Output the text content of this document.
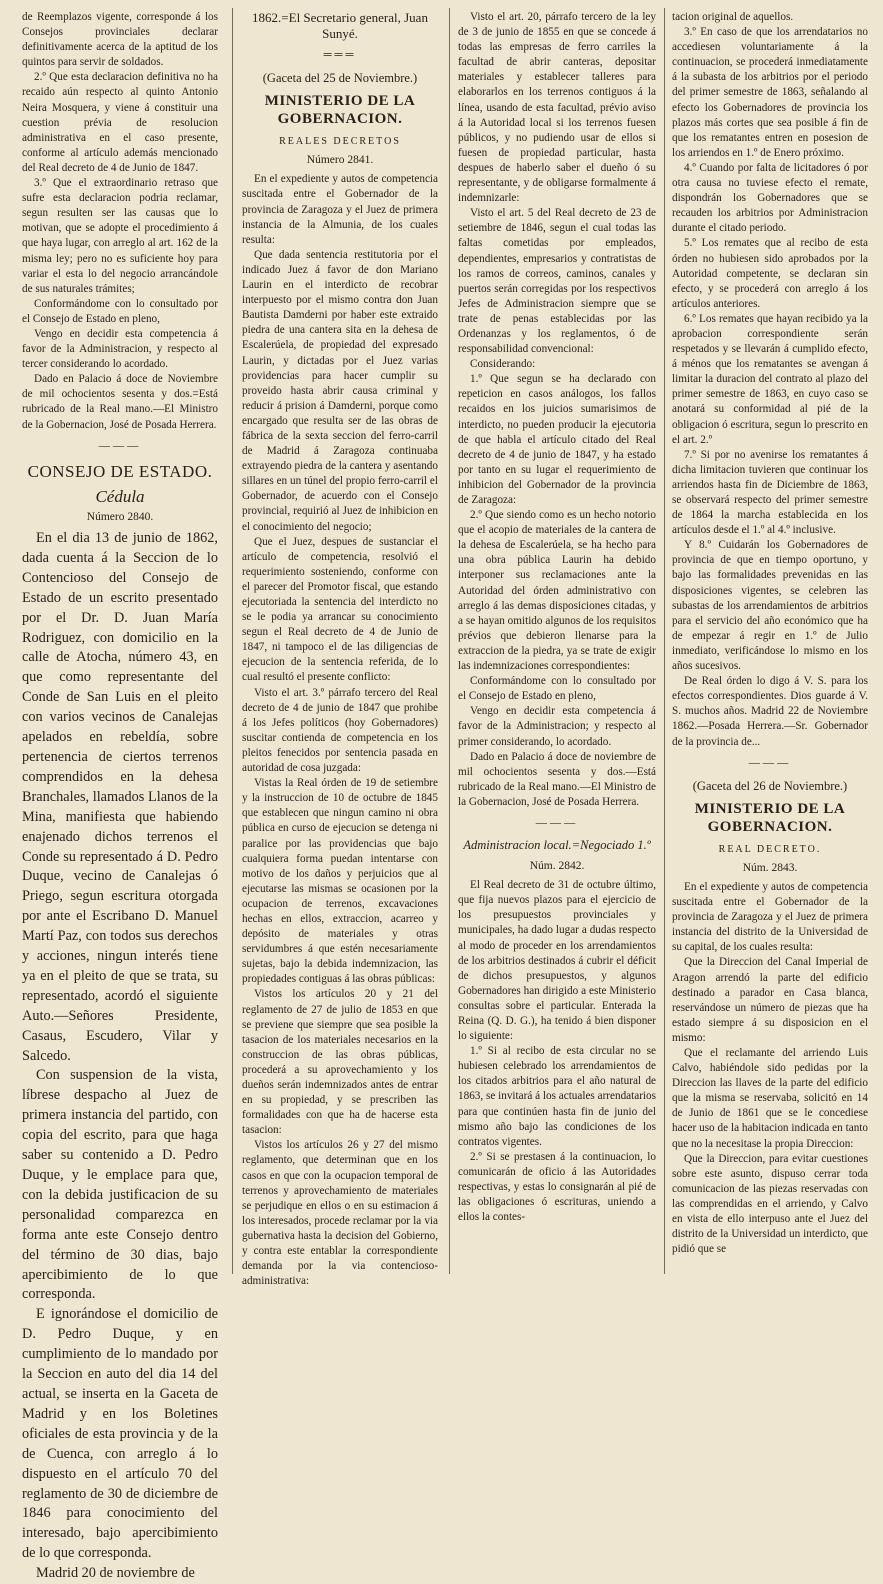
de Reemplazos vigente, corresponde á los Consejos provinciales declarar definitivamente acerca de la aptitud de los quintos para servir de soldados.

2.º Que esta declaracion definitiva no ha recaido aún respecto al quinto Antonio Neira Mosquera, y viene á constituir una cuestion prévia de resolucion administrativa en el caso presente, conforme al artículo además mencionado del Real decreto de 4 de Junio de 1847.

3.º Que el extraordinario retraso que sufre esta declaracion podria reclamar, segun resulten ser las causas que lo motivan, que se adopte el procedimiento á que haya lugar, con arreglo al art. 162 de la misma ley; pero no es suficiente hoy para variar el esta lo del negocio arrancándole de sus naturales trámites;

Conformándome con lo consultado por el Consejo de Estado en pleno,

Vengo en decidir esta competencia á favor de la Administracion, y respecto al tercer considerando lo acordado.

Dado en Palacio á doce de Noviembre de mil ochocientos sesenta y dos.=Está rubricado de la Real mano.—El Ministro de la Gobernacion, José de Posada Herrera.

———

CONSEJO DE ESTADO.

Cédula

Número 2840.

En el dia 13 de junio de 1862, dada cuenta á la Seccion de lo Contencioso del Consejo de Estado de un escrito presentado por el Dr. D. Juan María Rodriguez, con domicilio en la calle de Atocha, número 43, en que como representante del Conde de San Luis en el pleito con varios vecinos de Canalejas apelados en rebeldía, sobre pertenencia de ciertos terrenos comprendidos en la dehesa Branchales, llamados Llanos de la Mina, manifiesta que habiendo enajenado dichos terrenos el Conde su representado á D. Pedro Duque, vecino de Canalejas ó Priego, segun escritura otorgada por ante el Escribano D. Manuel Martí Paz, con todos sus derechos y acciones, ningun interés tiene ya en el pleito de que se trata, su representado, acordó el siguiente Auto.—Señores Presidente, Casaus, Escudero, Vilar y Salcedo.

Con suspension de la vista, líbrese despacho al Juez de primera instancia del partido, con copia del escrito, para que haga saber su contenido a D. Pedro Duque, y le emplace para que, con la debida justificacion de su personalidad comparezca en forma ante este Consejo dentro del término de 30 dias, bajo apercibimiento de lo que corresponda.

E ignorándose el domicilio de D. Pedro Duque, y en cumplimiento de lo mandado por la Seccion en auto del dia 14 del actual, se inserta en la Gaceta de Madrid y en los Boletines oficiales de esta provincia y de la de Cuenca, con arreglo á lo dispuesto en el artículo 70 del reglamento de 30 de diciembre de 1846 para conocimiento del interesado, bajo apercibimiento de lo que corresponda.

Madrid 20 de noviembre de

1862.=El Secretario general, Juan Sunyé.

═══

(Gaceta del 25 de Noviembre.)

MINISTERIO DE LA GOBERNACION.

REALES DECRETOS

Número 2841.

En el expediente y autos de competencia suscitada entre el Gobernador de la provincia de Zaragoza y el Juez de primera instancia de la Almunia, de los cuales resulta:

Que dada sentencia restitutoria por el indicado Juez á favor de don Mariano Laurin en el interdicto de recobrar interpuesto por el mismo contra don Juan Bautista Damderni por haber este extraido piedra de una cantera sita en la dehesa de Escalerúela, de propiedad del expresado Laurin, y dictadas por el Juez varias providencias para hacer cumplir su proveido hasta abrir causa criminal y reducir á prision á Damderni, porque como encargado que resulta ser de las obras de fábrica de la sexta seccion del ferro-carril de Madrid á Zaragoza continuaba extrayendo piedra de la cantera y asentando sillares en un túnel del propio ferro-carril el Gobernador, de acuerdo con el Consejo provincial, requirió al Juez de inhibicion en el conocimiento del negocio;

Que el Juez, despues de sustanciar el artículo de competencia, resolvió el requerimiento sosteniendo, conforme con el parecer del Promotor fiscal, que estando ejecutoriada la sentencia del interdicto no se le podia ya arrancar su conocimiento segun el Real decreto de 4 de Junio de 1847, ni tampoco el de las diligencias de ejecucion de la sentencia referida, de lo cual resultó el presente conflicto:

Visto el art. 3.º párrafo tercero del Real decreto de 4 de junio de 1847 que prohibe á los Jefes políticos (hoy Gobernadores) suscitar contienda de competencia en los pleitos fenecidos por sentencia pasada en autoridad de cosa juzgada:

Vistas la Real órden de 19 de setiembre y la instruccion de 10 de octubre de 1845 que establecen que ningun camino ni obra pública en curso de ejecucion se detenga ni paralice por las providencias que bajo cualquiera forma puedan intentarse con motivo de los daños y perjuicios que al ejecutarse las mismas se ocasionen por la ocupacion de terrenos, excavaciones hechas en ellos, extraccion, acarreo y depósito de materiales y otras servidumbres á que estén necesariamente sujetas, bajo la debida indemnizacion, las propiedades contiguas á las obras públicas:

Vistos los artículos 20 y 21 del reglamento de 27 de julio de 1853 en que se previene que siempre que sea posible la tasacion de los materiales necesarios en la construccion de las obras públicas, procederá a su aprovechamiento y los dueños serán indemnizados antes de entrar en su propiedad, y se prescriben las formalidades con que ha de hacerse esta tasacion:

Vistos los artículos 26 y 27 del mismo reglamento, que determinan que en los casos en que con la ocupacion temporal de terrenos y aprovechamiento de materiales se perjudique en ellos o en su estimacion á los interesados, procede reclamar por la via gubernativa hasta la decision del Gobierno, y contra este entablar la correspondiente demanda por la via contencioso-administrativa:

Visto el art. 20, párrafo tercero de la ley de 3 de junio de 1855 en que se concede á todas las empresas de ferro carriles la facultad de abrir canteras, depositar materiales y establecer talleres para elaborarlos en los terrenos contiguos á la línea, usando de esta facultad, prévio aviso á la Autoridad local si los terrenos fuesen públicos, y no pudiendo usar de ellos si fuesen de propiedad particular, hasta despues de haberlo saber el dueño ó su representante, y de obligarse formalmente á indemnizarle:

Visto el art. 5 del Real decreto de 23 de setiembre de 1846, segun el cual todas las faltas cometidas por empleados, dependientes, empresarios y contratistas de los ramos de correos, caminos, canales y puertos serán corregidas por los respectivos Jefes de Administracion siempre que se trate de penas establecidas por las Ordenanzas y los reglamentos, ó de responsabilidad convencional:

Considerando:

1.º Que segun se ha declarado con repeticion en casos análogos, los fallos recaidos en los juicios sumarisimos de interdicto, no pueden producir la ejecutoria de que habla el artículo citado del Real decreto de 4 de junio de 1847, y ha estado por tanto en su lugar el requerimiento de inhibicion del Gobernador de la provincia de Zaragoza:

2.º Que siendo como es un hecho notorio que el acopio de materiales de la cantera de la dehesa de Escalerúela, se ha hecho para una obra pública Laurin ha debido interponer sus reclamaciones ante la Autoridad del órden administrativo con arreglo á las demas disposiciones citadas, y a se hayan omitido algunos de los requisitos prévios que debieron llenarse para la extraccion de la piedra, ya se trate de exigir las indemnizaciones correspondientes:

Conformándome con lo consultado por el Consejo de Estado en pleno,

Vengo en decidir esta competencia á favor de la Administracion; y respecto al primer considerando, lo acordado.

Dado en Palacio á doce de noviembre de mil ochocientos sesenta y dos.—Está rubricado de la Real mano.—El Ministro de la Gobernacion, José de Posada Herrera.

———

Administracion local.=Negociado 1.º

Núm. 2842.

El Real decreto de 31 de octubre último, que fija nuevos plazos para el ejercicio de los presupuestos provinciales y municipales, ha dado lugar a dudas respecto al modo de proceder en los arrendamientos de los arbitrios destinados á cubrir el déficit de dichos presupuestos, y algunos Gobernadores han dirigido a este Ministerio consultas sobre el particular. Enterada la Reina (Q. D. G.), ha tenido á bien disponer lo siguiente:

1.º Si al recibo de esta circular no se hubiesen celebrado los arrendamientos de los citados arbitrios para el año natural de 1863, se invitará á los actuales arrendatarios para que continúen hasta fin de junio del mismo año bajo las condiciones de los contratos vigentes.

2.º Si se prestasen á la continuacion, lo comunicarán de oficio á las Autoridades respectivas, y estas lo consignarán al pié de las obligaciones ó escrituras, uniendo a ellos la contes-

tacion original de aquellos.

3.º En caso de que los arrendatarios no accediesen voluntariamente á la continuacion, se procederá inmediatamente á la subasta de los arbitrios por el periodo del primer semestre de 1863, señalando al efecto los Gobernadores de provincia los plazos más cortes que sea posible á fin de que los rematantes entren en posesion de los arriendos en 1.º de Enero próximo.

4.º Cuando por falta de licitadores ó por otra causa no tuviese efecto el remate, dispondrán los Gobernadores que se recauden los arbitrios por Administracion durante el citado periodo.

5.º Los remates que al recibo de esta órden no hubiesen sido aprobados por la Autoridad competente, se declaran sin efecto, y se procederá con arreglo á los artículos anteriores.

6.º Los remates que hayan recibido ya la aprobacion correspondiente serán respetados y se llevarán á cumplido efecto, á ménos que los rematantes se avengan á limitar la duracion del contrato al plazo del primer semestre de 1863, en cuyo caso se anotará su conformidad al pié de la obligacion ó escritura, segun lo prescrito en el art. 2.º

7.º Si por no avenirse los rematantes á dicha limitacion tuvieren que continuar los arriendos hasta fin de Diciembre de 1863, se observará respecto del primer semestre de 1864 la marcha establecida en los artículos desde el 1.º al 4.º inclusive.

Y 8.º Cuidarán los Gobernadores de provincia de que en tiempo oportuno, y bajo las formalidades prevenidas en las disposiciones vigentes, se celebren las subastas de los arrendamientos de arbitrios para el servicio del año económico que ha de empezar á regir en 1.º de Julio inmediato, verificándose lo mismo en los años sucesivos.

De Real órden lo digo á V. S. para los efectos correspondientes. Dios guarde á V. S. muchos años. Madrid 22 de Noviembre 1862.—Posada Herrera.—Sr. Gobernador de la provincia de...

———

(Gaceta del 26 de Noviembre.)

MINISTERIO DE LA GOBERNACION.

REAL DECRETO.

Núm. 2843.

En el expediente y autos de competencia suscitada entre el Gobernador de la provincia de Zaragoza y el Juez de primera instancia del distrito de la Universidad de su capital, de los cuales resulta:

Que la Direccion del Canal Imperial de Aragon arrendó la parte del edificio destinado a parador en Casa blanca, reservándose un número de piezas que ha estado siempre á su disposicion en el mismo:

Que el reclamante del arriendo Luis Calvo, habiéndole sido pedidas por la Direccion las llaves de la parte del edificio que la misma se reservaba, solicitó en 14 de Junio de 1861 que se le concediese hacer uso de la habitacion indicada en tanto que no la necesitase la propia Direccion:

Que la Direccion, para evitar cuestiones sobre este asunto, dispuso cerrar toda comunicacion de las piezas reservadas con las comprendidas en el arriendo, y Calvo en vista de ello interpuso ante el Juez del distrito de la Universidad un interdicto, que pidió que se
